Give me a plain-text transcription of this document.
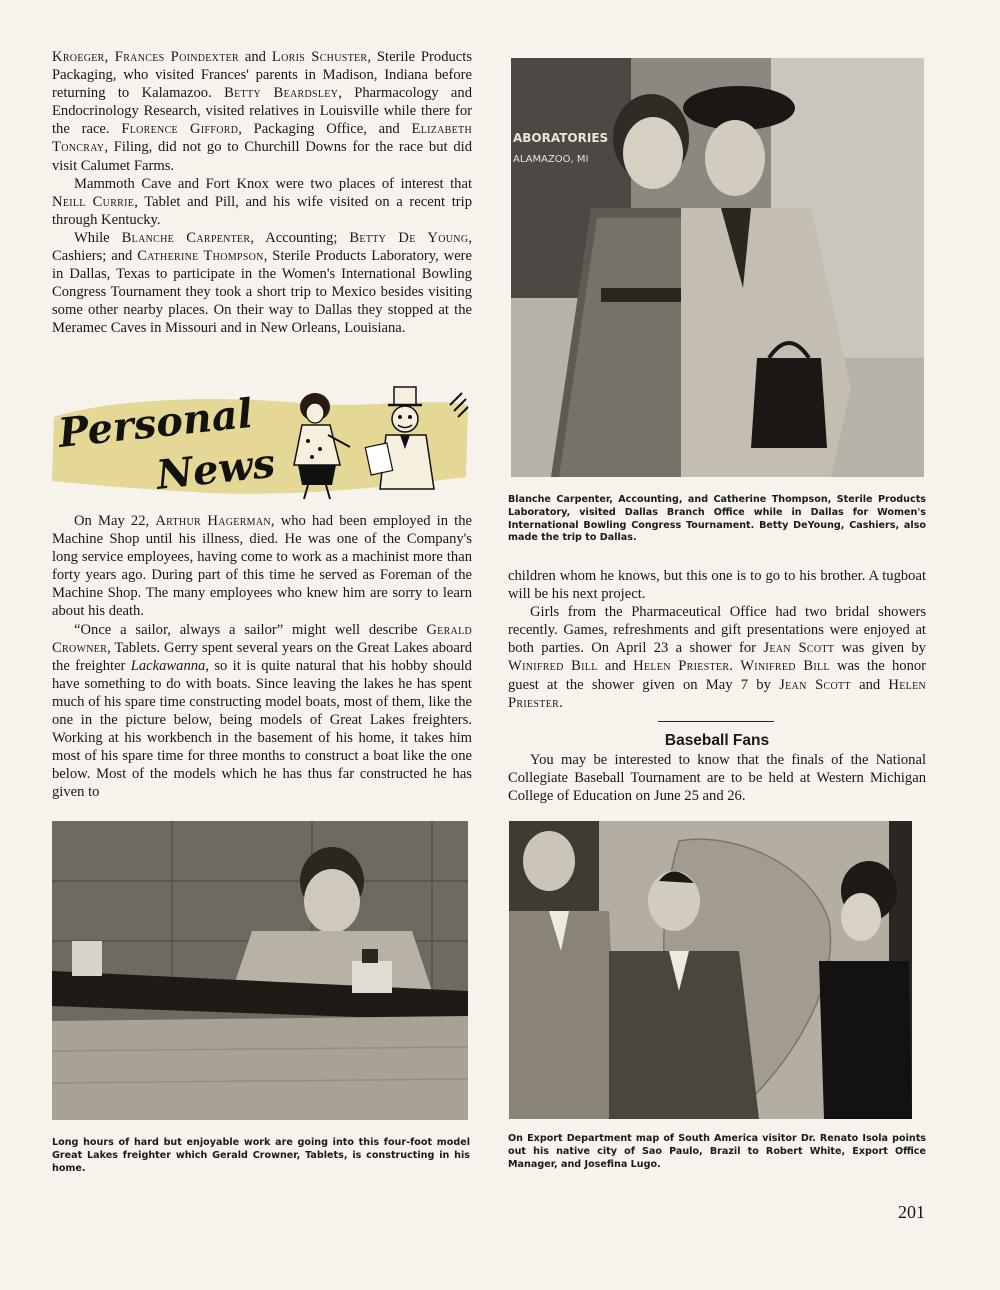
Kroeger, Frances Poindexter and Loris Schuster, Sterile Products Packaging, who visited Frances' parents in Madison, Indiana before returning to Kalamazoo. Betty Beardsley, Pharmacology and Endocrinology Research, visited relatives in Louisville while there for the race. Florence Gifford, Packaging Office, and Elizabeth Toncray, Filing, did not go to Churchill Downs for the race but did visit Calumet Farms.

Mammoth Cave and Fort Knox were two places of interest that Neill Currie, Tablet and Pill, and his wife visited on a recent trip through Kentucky.

While Blanche Carpenter, Accounting; Betty De Young, Cashiers; and Catherine Thompson, Sterile Products Laboratory, were in Dallas, Texas to participate in the Women's International Bowling Congress Tournament they took a short trip to Mexico besides visiting some other nearby places. On their way to Dallas they stopped at the Meramec Caves in Missouri and in New Orleans, Louisiana.

Personal
News

On May 22, Arthur Hagerman, who had been employed in the Machine Shop until his illness, died. He was one of the Company's long service employees, having come to work as a machinist more than forty years ago. During part of this time he served as Foreman of the Machine Shop. The many employees who knew him are sorry to learn about his death.

“Once a sailor, always a sailor” might well describe Gerald Crowner, Tablets. Gerry spent several years on the Great Lakes aboard the freighter Lackawanna, so it is quite natural that his hobby should have something to do with boats. Since leaving the lakes he has spent much of his spare time constructing model boats, most of them, like the one in the picture below, being models of Great Lakes freighters. Working at his workbench in the basement of his home, it takes him most of his spare time for three months to construct a boat like the one below. Most of the models which he has thus far constructed he has given to

ABORATORIES
ALAMAZOO, MI
Blanche Carpenter, Accounting, and Catherine Thompson, Sterile Products Laboratory, visited Dallas Branch Office while in Dallas for Women's International Bowling Congress Tournament. Betty DeYoung, Cashiers, also made the trip to Dallas.

children whom he knows, but this one is to go to his brother. A tugboat will be his next project.

Girls from the Pharmaceutical Office had two bridal showers recently. Games, refreshments and gift presentations were enjoyed at both parties. On April 23 a shower for Jean Scott was given by Winifred Bill and Helen Priester. Winifred Bill was the honor guest at the shower given on May 7 by Jean Scott and Helen Priester.

Baseball Fans

You may be interested to know that the finals of the National Collegiate Baseball Tournament are to be held at Western Michigan College of Education on June 25 and 26.

Long hours of hard but enjoyable work are going into this four-foot model Great Lakes freighter which Gerald Crowner, Tablets, is constructing in his home.
On Export Department map of South America visitor Dr. Renato Isola points out his native city of Sao Paulo, Brazil to Robert White, Export Office Manager, and Josefina Lugo.
201
